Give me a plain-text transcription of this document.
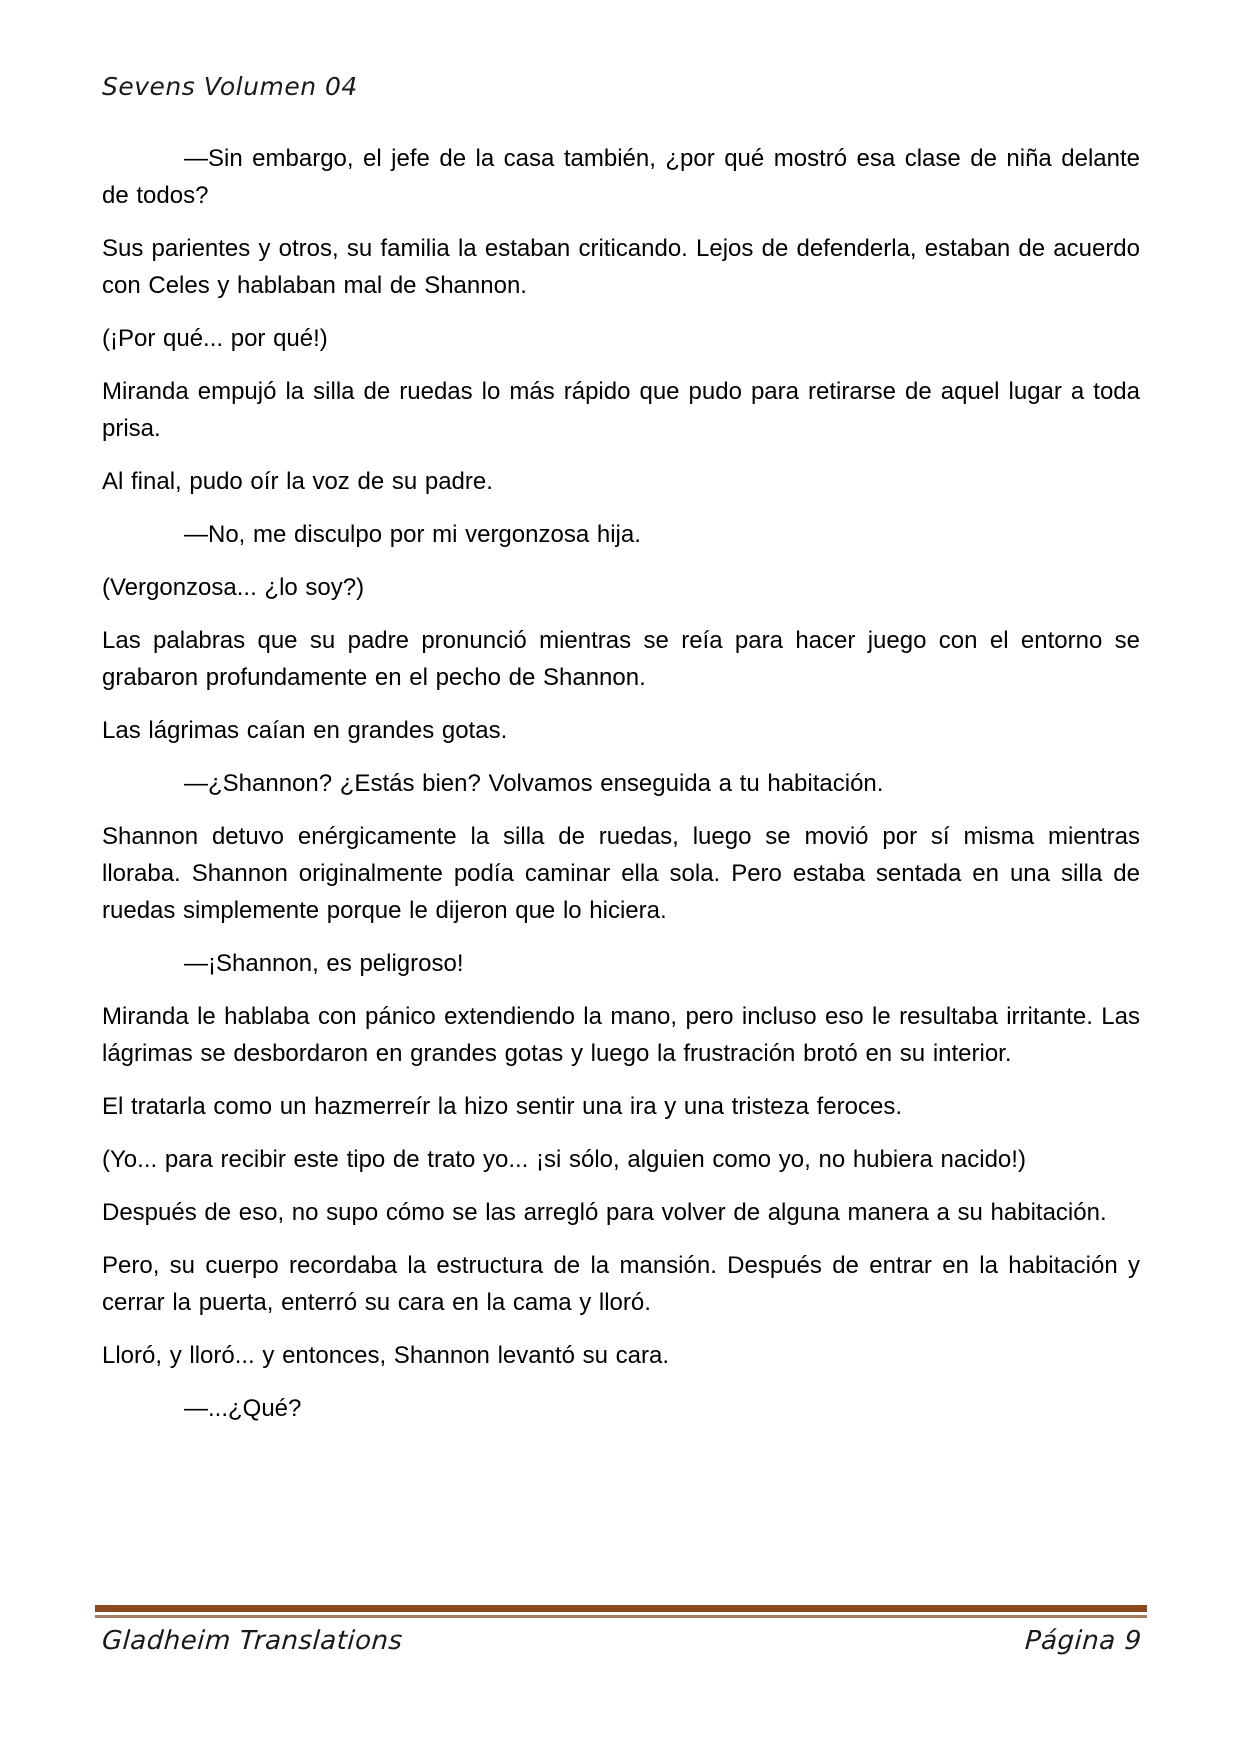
Sevens Volumen 04

—Sin embargo, el jefe de la casa también, ¿por qué mostró esa clase de niña delante de todos?

Sus parientes y otros, su familia la estaban criticando. Lejos de defenderla, estaban de acuerdo con Celes y hablaban mal de Shannon.

(¡Por qué... por qué!)

Miranda empujó la silla de ruedas lo más rápido que pudo para retirarse de aquel lugar a toda prisa.

Al final, pudo oír la voz de su padre.

—No, me disculpo por mi vergonzosa hija.

(Vergonzosa... ¿lo soy?)

Las palabras que su padre pronunció mientras se reía para hacer juego con el entorno se grabaron profundamente en el pecho de Shannon.

Las lágrimas caían en grandes gotas.

—¿Shannon? ¿Estás bien? Volvamos enseguida a tu habitación.

Shannon detuvo enérgicamente la silla de ruedas, luego se movió por sí misma mientras lloraba. Shannon originalmente podía caminar ella sola. Pero estaba sentada en una silla de ruedas simplemente porque le dijeron que lo hiciera.

—¡Shannon, es peligroso!

Miranda le hablaba con pánico extendiendo la mano, pero incluso eso le resultaba irritante. Las lágrimas se desbordaron en grandes gotas y luego la frustración brotó en su interior.

El tratarla como un hazmerreír la hizo sentir una ira y una tristeza feroces.

(Yo... para recibir este tipo de trato yo... ¡si sólo, alguien como yo, no hubiera nacido!)

Después de eso, no supo cómo se las arregló para volver de alguna manera a su habitación.

Pero, su cuerpo recordaba la estructura de la mansión. Después de entrar en la habitación y cerrar la puerta, enterró su cara en la cama y lloró.

Lloró, y lloró... y entonces, Shannon levantó su cara.

—...¿Qué?

Gladheim Translations	Página 9
